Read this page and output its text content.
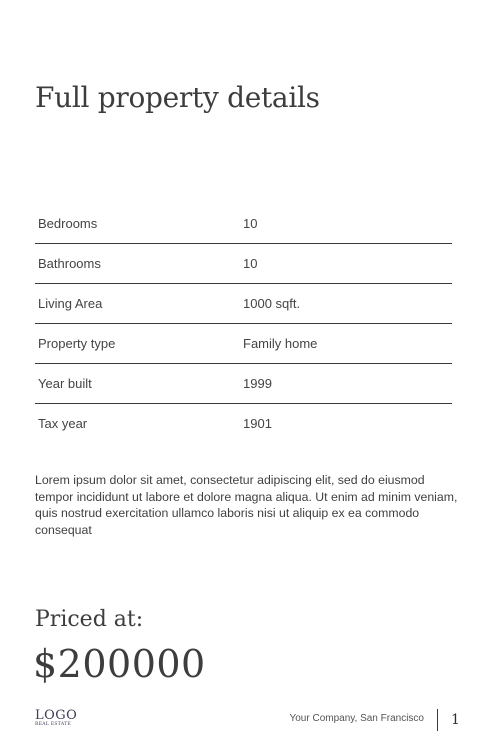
Full property details
Bedrooms	10
Bathrooms	10
Living Area	1000 sqft.
Property type	Family home
Year built	1999
Tax year	1901

Lorem ipsum dolor sit amet, consectetur adipiscing elit, sed do eiusmod tempor incididunt ut labore et dolore magna aliqua. Ut enim ad minim veniam, quis nostrud exercitation ullamco laboris nisi ut aliquip ex ea commodo consequat

Priced at:
$200000
LOGO
REAL ESTATE
Your Company, San Francisco 1
